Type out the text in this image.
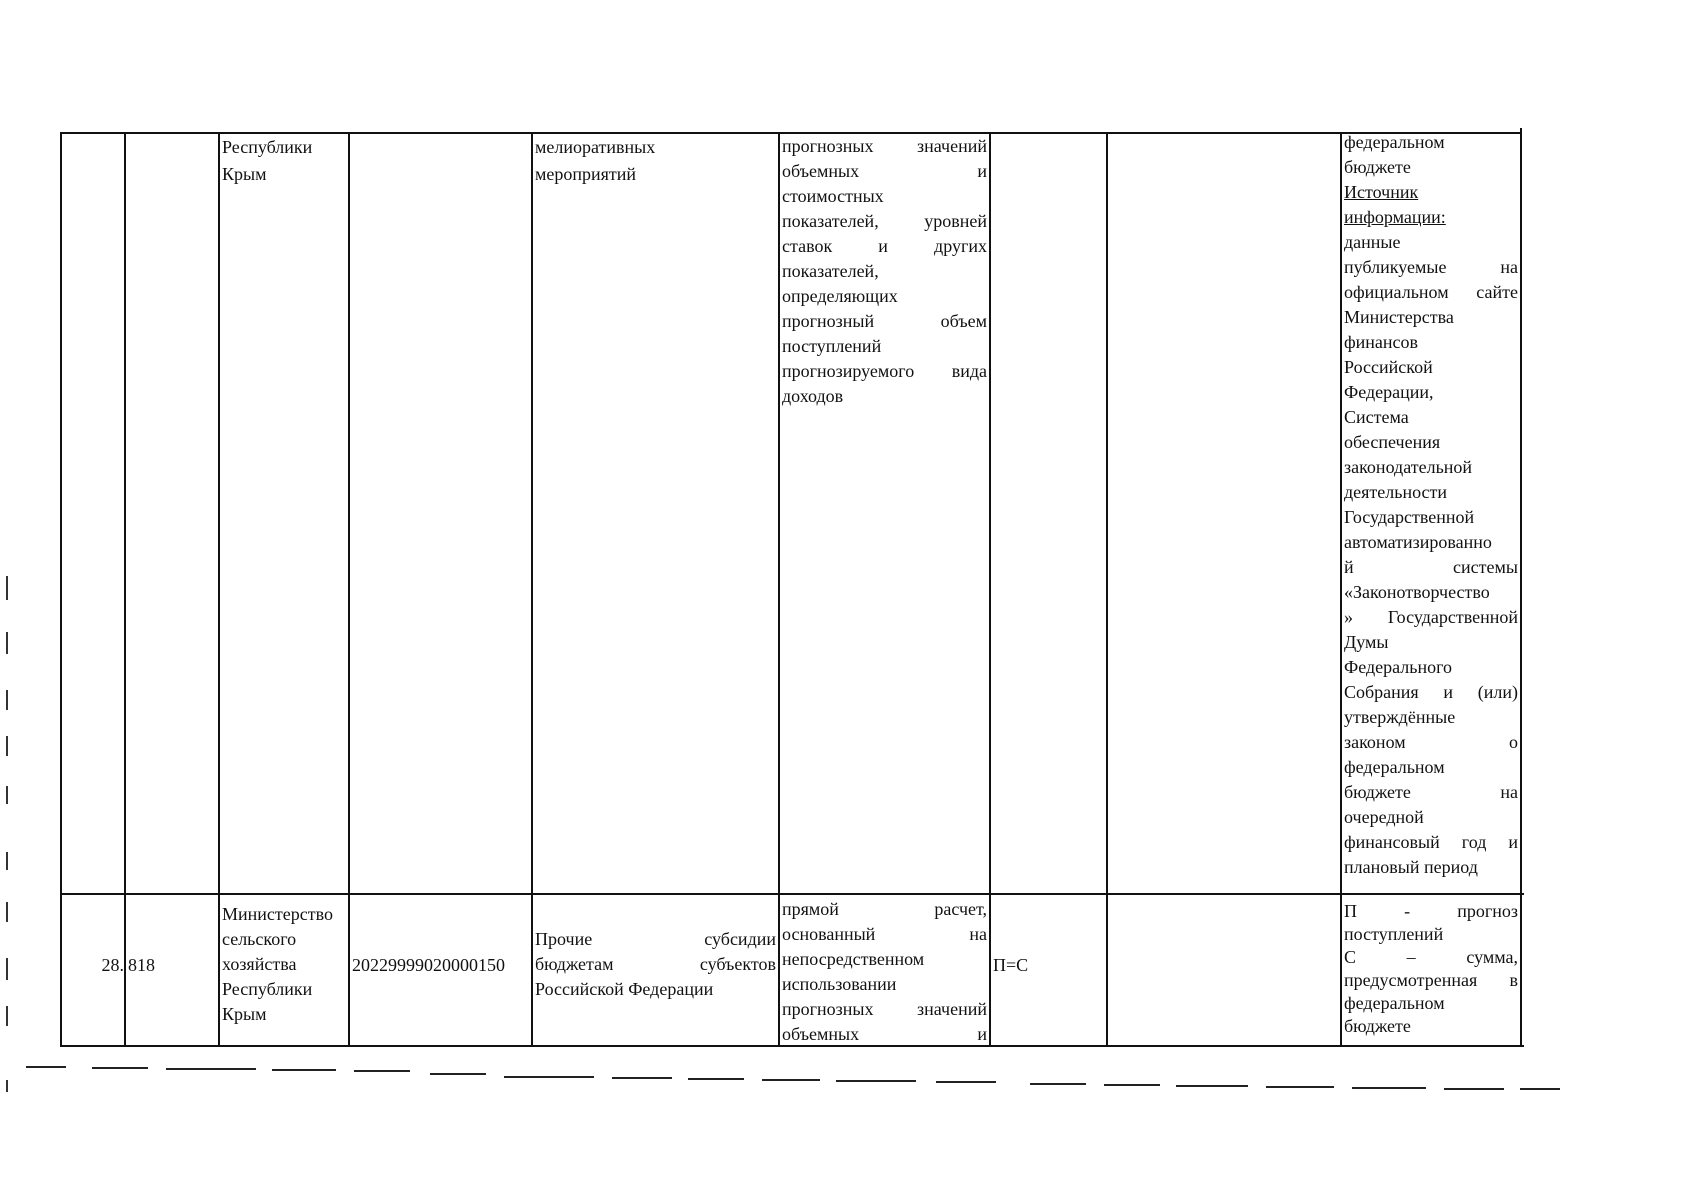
Республики
Крым
мелиоративных
мероприятий
прогнозных значений
объемных и
стоимостных
показателей, уровней
ставок и других
показателей,
определяющих
прогнозный объем
поступлений
прогнозируемого вида
доходов
федеральном
бюджете
Источник
информации:
данные
публикуемые на
официальном сайте
Министерства
финансов
Российской
Федерации,
Система
обеспечения
законодательной
деятельности
Государственной
автоматизированно
й системы
«Законотворчество
» Государственной
Думы
Федерального
Собрания и (или)
утверждённые
законом о
федеральном
бюджете на
очередной
финансовый год и
плановый период
28. 818
Министерство
сельского
хозяйства
Республики
Крым
20229999020000150
Прочие субсидии
бюджетам субъектов
Российской Федерации
прямой расчет,
основанный на
непосредственном
использовании
прогнозных значений
объемных и
П=С
П - прогноз
поступлений
С – сумма,
предусмотренная в
федеральном
бюджете
